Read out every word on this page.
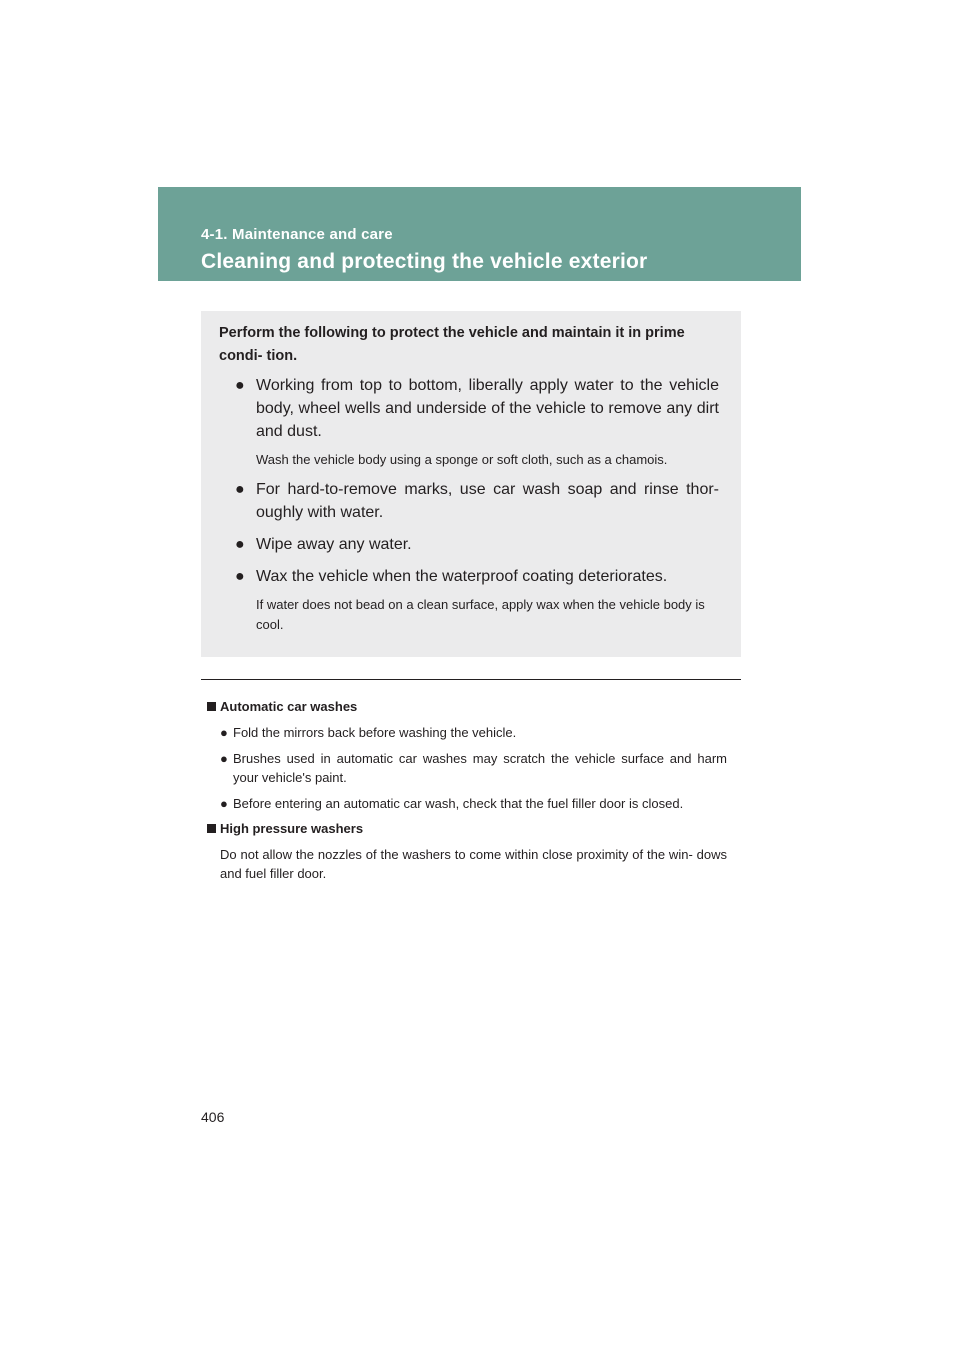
4-1. Maintenance and care
Cleaning and protecting the vehicle exterior

Perform the following to protect the vehicle and maintain it in prime condi- tion.

● Working from top to bottom, liberally apply water to the vehicle body, wheel wells and underside of the vehicle to remove any dirt and dust.
Wash the vehicle body using a sponge or soft cloth, such as a chamois.
● For hard-to-remove marks, use car wash soap and rinse thor- oughly with water.
● Wipe away any water.
● Wax the vehicle when the waterproof coating deteriorates.
If water does not bead on a clean surface, apply wax when the vehicle body is cool.
Automatic car washes
● Fold the mirrors back before washing the vehicle.
● Brushes used in automatic car washes may scratch the vehicle surface and harm your vehicle's paint.
● Before entering an automatic car wash, check that the fuel filler door is closed.
High pressure washers
Do not allow the nozzles of the washers to come within close proximity of the win- dows and fuel filler door.
406
